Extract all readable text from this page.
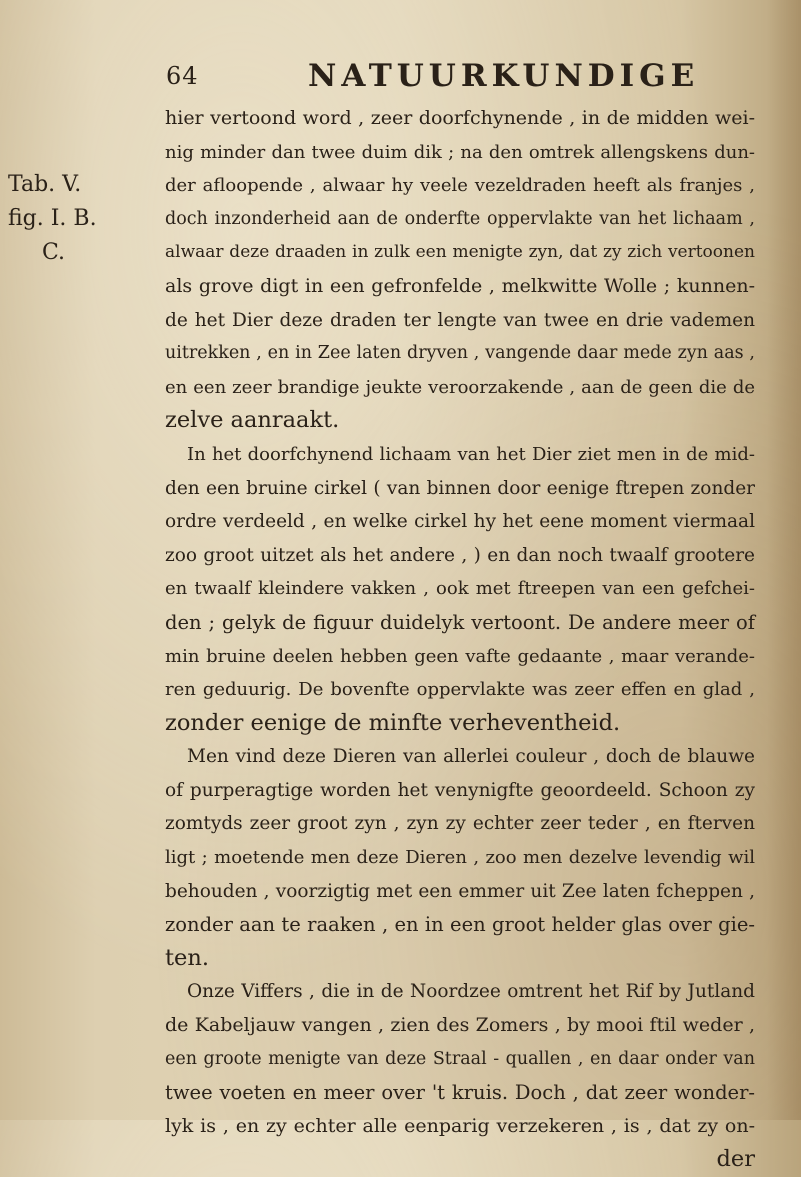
64	NATUURKUNDIGE
Tab. V.
fig. I. B.
C.
hier vertoond word , zeer doorfchynende , in de midden wei-
nig minder dan twee duim dik ; na den omtrek allengskens dun-
der afloopende , alwaar hy veele vezeldraden heeft als franjes ,
doch inzonderheid aan de onderfte oppervlakte van het lichaam ,
alwaar deze draaden in zulk een menigte zyn, dat zy zich vertoonen
als grove digt in een gefronfelde , melkwitte Wolle ; kunnen-
de het Dier deze draden ter lengte van twee en drie vademen
uitrekken , en in Zee laten dryven , vangende daar mede zyn aas ,
en een zeer brandige jeukte veroorzakende , aan de geen die de
zelve aanraakt.
In het doorfchynend lichaam van het Dier ziet men in de mid-
den een bruine cirkel ( van binnen door eenige ftrepen zonder
ordre verdeeld , en welke cirkel hy het eene moment viermaal
zoo groot uitzet als het andere , ) en dan noch twaalf grootere
en twaalf kleindere vakken , ook met ftreepen van een gefchei-
den ; gelyk de figuur duidelyk vertoont. De andere meer of
min bruine deelen hebben geen vafte gedaante , maar verande-
ren geduurig. De bovenfte oppervlakte was zeer effen en glad ,
zonder eenige de minfte verheventheid.
Men vind deze Dieren van allerlei couleur , doch de blauwe
of purperagtige worden het venynigfte geoordeeld. Schoon zy
zomtyds zeer groot zyn , zyn zy echter zeer teder , en fterven
ligt ; moetende men deze Dieren , zoo men dezelve levendig wil
behouden , voorzigtig met een emmer uit Zee laten fcheppen ,
zonder aan te raaken , en in een groot helder glas over gie-
ten.
Onze Viffers , die in de Noordzee omtrent het Rif by Jutland
de Kabeljauw vangen , zien des Zomers , by mooi ftil weder ,
een groote menigte van deze Straal - quallen , en daar onder van
twee voeten en meer over 't kruis. Doch , dat zeer wonder-
lyk is , en zy echter alle eenparig verzekeren , is , dat zy on-
der
